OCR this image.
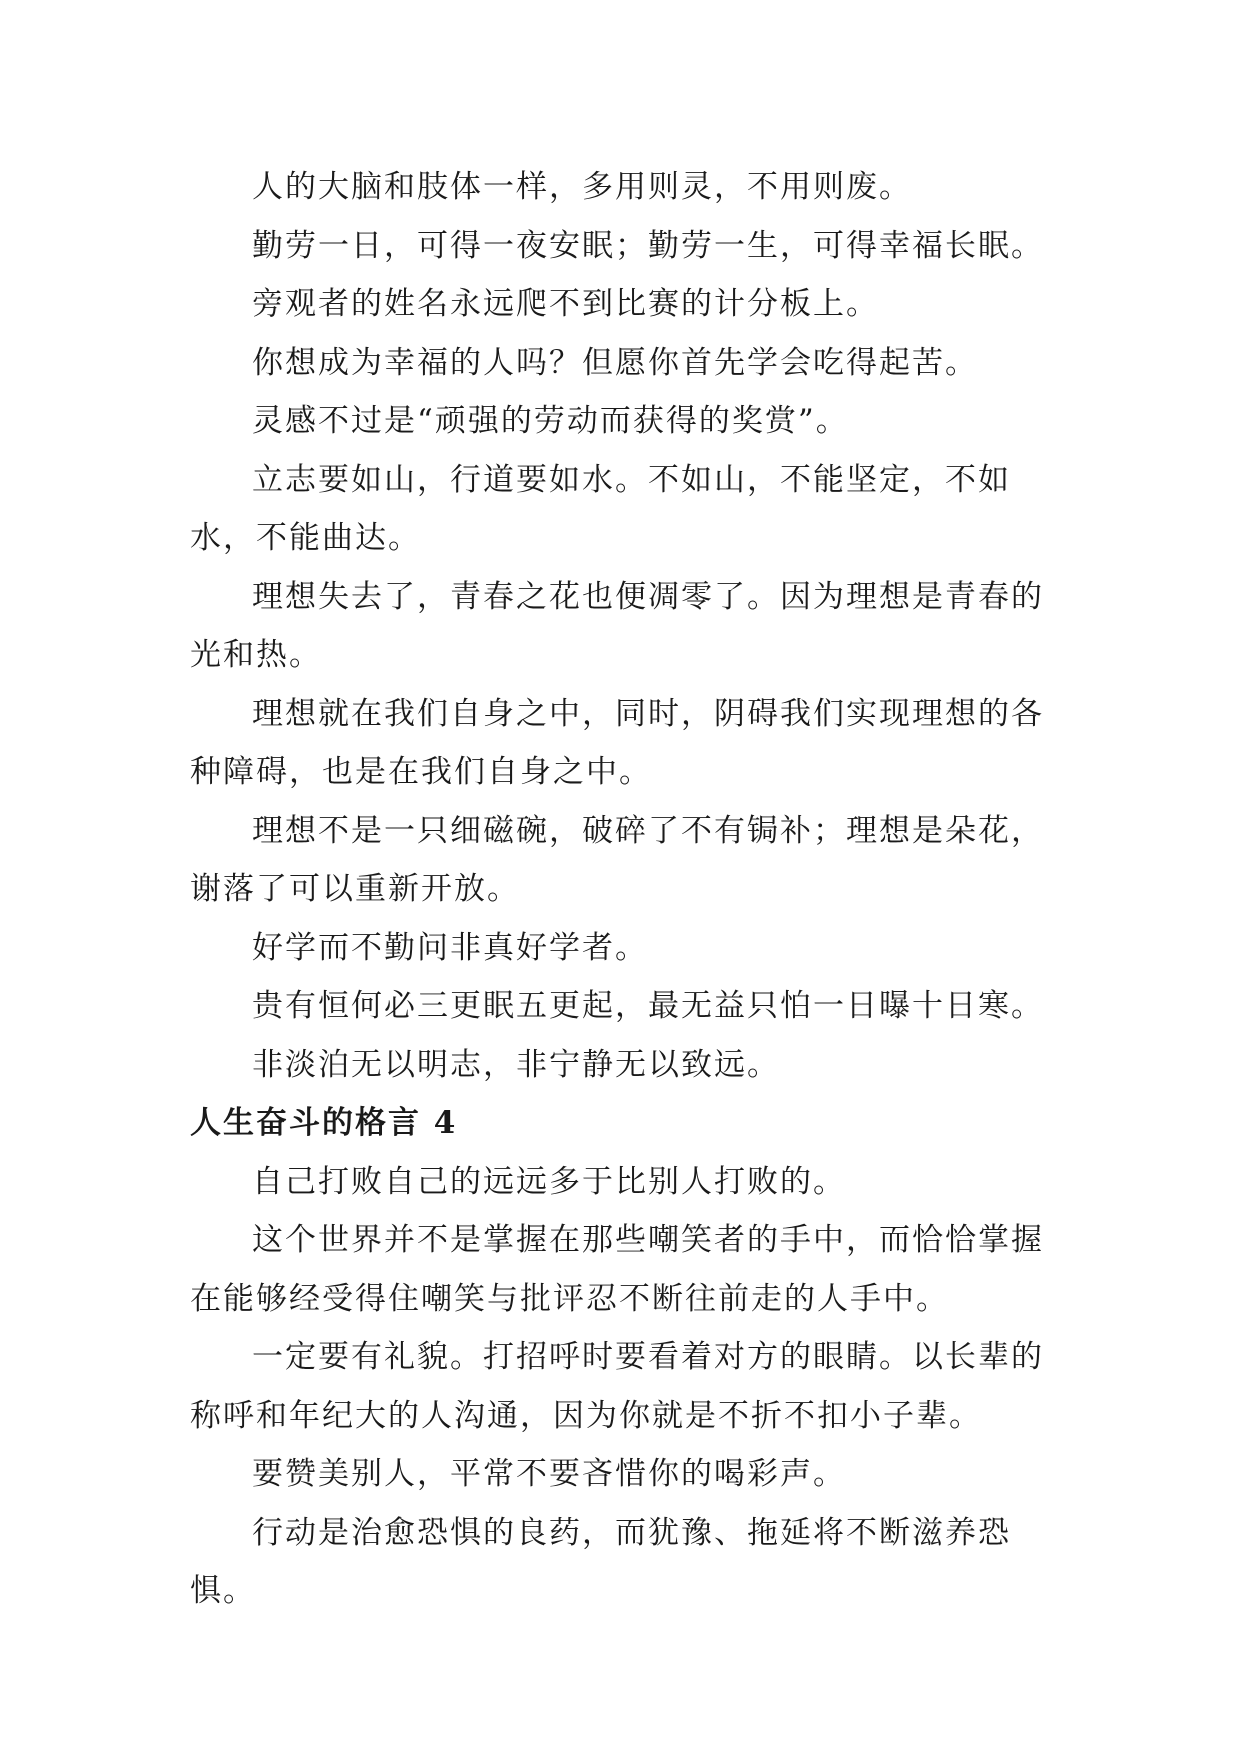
人的大脑和肢体一样，多用则灵，不用则废。

勤劳一日，可得一夜安眠；勤劳一生，可得幸福长眠。

旁观者的姓名永远爬不到比赛的计分板上。

你想成为幸福的人吗？但愿你首先学会吃得起苦。

灵感不过是“顽强的劳动而获得的奖赏”。

立志要如山，行道要如水。不如山，不能坚定，不如水，不能曲达。

理想失去了，青春之花也便凋零了。因为理想是青春的光和热。

理想就在我们自身之中，同时，阴碍我们实现理想的各种障碍，也是在我们自身之中。

理想不是一只细磁碗，破碎了不有锔补；理想是朵花，谢落了可以重新开放。

好学而不勤问非真好学者。

贵有恒何必三更眠五更起，最无益只怕一日曝十日寒。

非淡泊无以明志，非宁静无以致远。

人生奋斗的格言 4

自己打败自己的远远多于比别人打败的。

这个世界并不是掌握在那些嘲笑者的手中，而恰恰掌握在能够经受得住嘲笑与批评忍不断往前走的人手中。

一定要有礼貌。打招呼时要看着对方的眼睛。以长辈的称呼和年纪大的人沟通，因为你就是不折不扣小子辈。

要赞美别人，平常不要吝惜你的喝彩声。

行动是治愈恐惧的良药，而犹豫、拖延将不断滋养恐惧。
